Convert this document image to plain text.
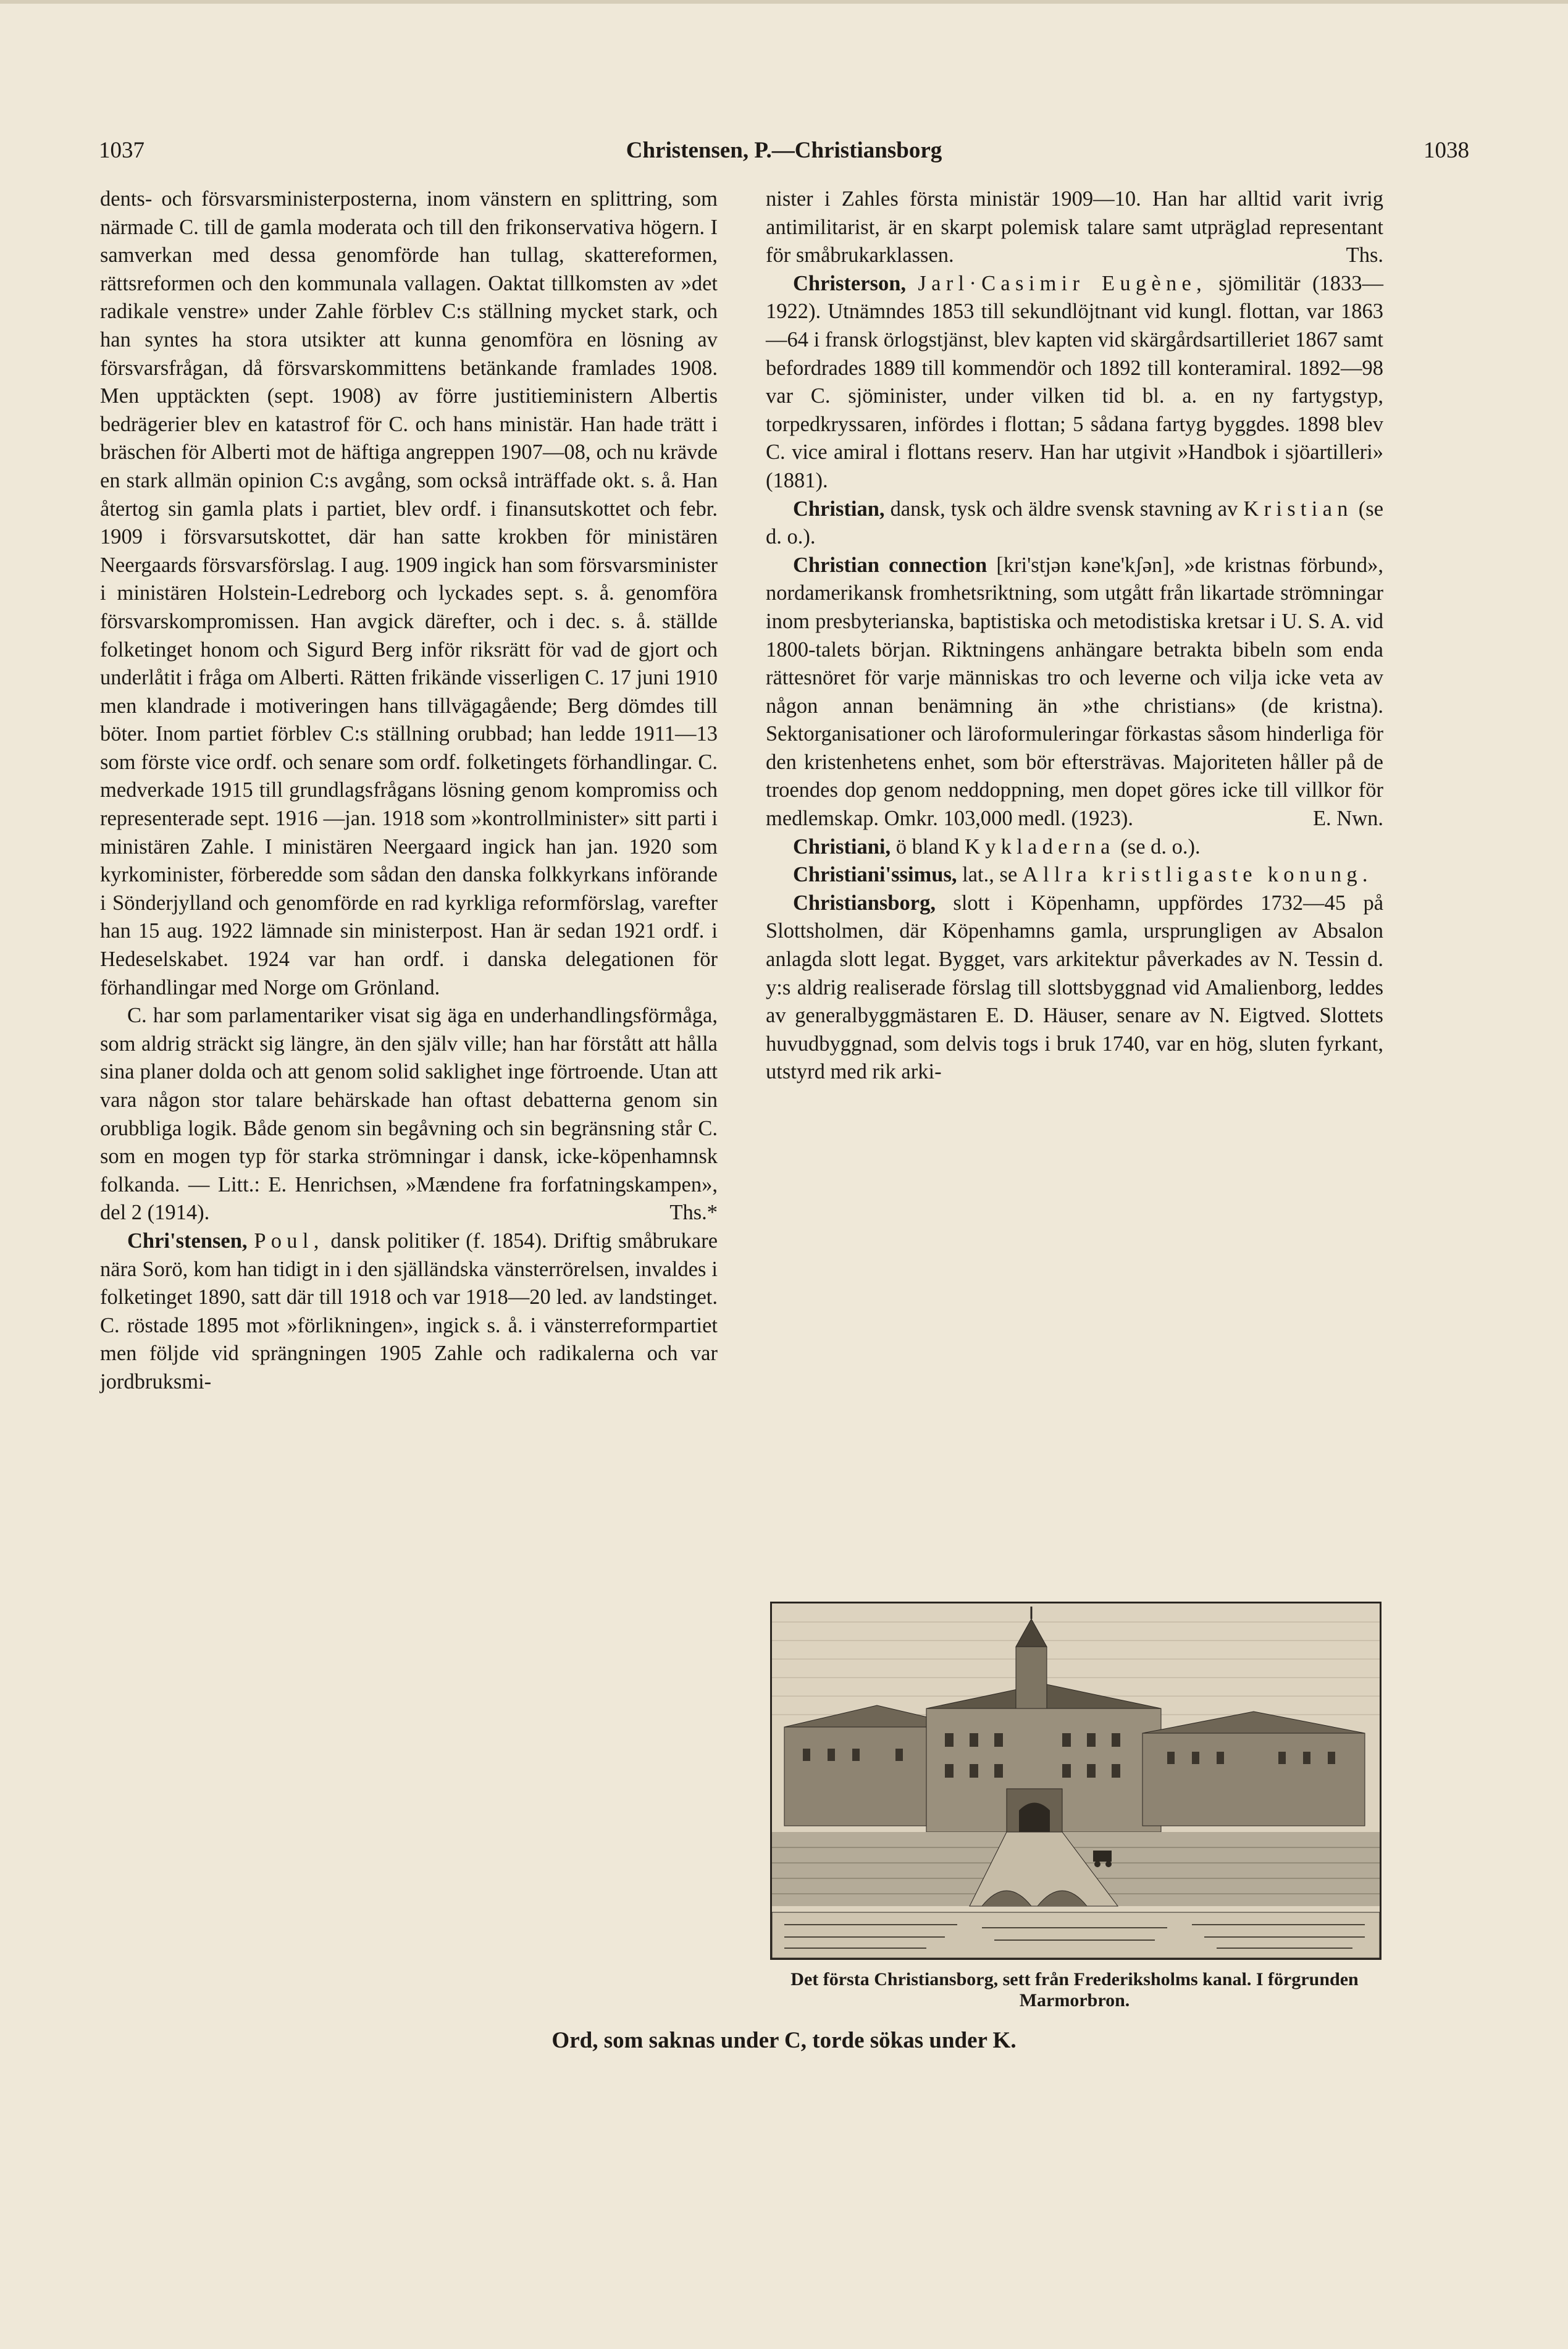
1037	Christensen, P.—Christiansborg	1038

dents- och försvarsministerposterna, inom vänstern en splittring, som närmade C. till de gamla moderata och till den frikonservativa högern. I samverkan med dessa genomförde han tullag, skattereformen, rättsreformen och den kommunala vallagen. Oaktat tillkomsten av »det radikale venstre» under Zahle förblev C:s ställning mycket stark, och han syntes ha stora utsikter att kunna genomföra en lösning av försvarsfrågan, då försvarskommittens betänkande framlades 1908. Men upptäckten (sept. 1908) av förre justitieministern Albertis bedrägerier blev en katastrof för C. och hans ministär. Han hade trätt i bräschen för Alberti mot de häftiga angreppen 1907—08, och nu krävde en stark allmän opinion C:s avgång, som också inträffade okt. s. å. Han återtog sin gamla plats i partiet, blev ordf. i finansutskottet och febr. 1909 i försvarsutskottet, där han satte krokben för ministären Neergaards försvarsförslag. I aug. 1909 ingick han som försvarsminister i ministären Holstein-Ledreborg och lyckades sept. s. å. genomföra försvarskompromissen. Han avgick därefter, och i dec. s. å. ställde folketinget honom och Sigurd Berg inför riksrätt för vad de gjort och underlåtit i fråga om Alberti. Rätten frikände visserligen C. 17 juni 1910 men klandrade i motiveringen hans tillvägagående; Berg dömdes till böter. Inom partiet förblev C:s ställning orubbad; han ledde 1911—13 som förste vice ordf. och senare som ordf. folketingets förhandlingar. C. medverkade 1915 till grundlagsfrågans lösning genom kompromiss och representerade sept. 1916 —jan. 1918 som »kontrollminister» sitt parti i ministären Zahle. I ministären Neergaard ingick han jan. 1920 som kyrkominister, förberedde som sådan den danska folkkyrkans införande i Sönderjylland och genomförde en rad kyrkliga reformförslag, varefter han 15 aug. 1922 lämnade sin ministerpost. Han är sedan 1921 ordf. i Hedeselskabet. 1924 var han ordf. i danska delegationen för förhandlingar med Norge om Grönland.

C. har som parlamentariker visat sig äga en underhandlingsförmåga, som aldrig sträckt sig längre, än den själv ville; han har förstått att hålla sina planer dolda och att genom solid saklighet inge förtroende. Utan att vara någon stor talare behärskade han oftast debatterna genom sin orubbliga logik. Både genom sin begåvning och sin begränsning står C. som en mogen typ för starka strömningar i dansk, icke-köpenhamnsk folkanda. — Litt.: E. Henrichsen, »Mændene fra forfatningskampen», del 2 (1914).	Ths.*

Chri'stensen, Poul, dansk politiker (f. 1854). Driftig småbrukare nära Sorö, kom han tidigt in i den själländska vänsterrörelsen, invaldes i folketinget 1890, satt där till 1918 och var 1918—20 led. av landstinget. C. röstade 1895 mot »förlikningen», ingick s. å. i vänsterreformpartiet men följde vid sprängningen 1905 Zahle och radikalerna och var jordbruksmi-

nister i Zahles första ministär 1909—10. Han har alltid varit ivrig antimilitarist, är en skarpt polemisk talare samt utpräglad representant för småbrukarklassen.	Ths.

Christerson, Jarl·Casimir Eugène, sjömilitär (1833—1922). Utnämndes 1853 till sekundlöjtnant vid kungl. flottan, var 1863 —64 i fransk örlogstjänst, blev kapten vid skärgårdsartilleriet 1867 samt befordrades 1889 till kommendör och 1892 till konteramiral. 1892—98 var C. sjöminister, under vilken tid bl. a. en ny fartygstyp, torpedkryssaren, infördes i flottan; 5 sådana fartyg byggdes. 1898 blev C. vice amiral i flottans reserv. Han har utgivit »Handbok i sjöartilleri» (1881).

Christian, dansk, tysk och äldre svensk stavning av Kristian (se d. o.).

Christian connection [kri'stjən kəne'kʃən], »de kristnas förbund», nordamerikansk fromhetsriktning, som utgått från likartade strömningar inom presbyterianska, baptistiska och metodistiska kretsar i U. S. A. vid 1800-talets början. Riktningens anhängare betrakta bibeln som enda rättesnöret för varje människas tro och leverne och vilja icke veta av någon annan benämning än »the christians» (de kristna). Sektorganisationer och läroformuleringar förkastas såsom hinderliga för den kristenhetens enhet, som bör eftersträvas. Majoriteten håller på de troendes dop genom neddoppning, men dopet göres icke till villkor för medlemskap. Omkr. 103,000 medl. (1923).	E. Nwn.

Christiani, ö bland Kykladerna (se d. o.).

Christiani'ssimus, lat., se Allra kristligaste konung.

Christiansborg, slott i Köpenhamn, uppfördes 1732—45 på Slottsholmen, där Köpenhamns gamla, ursprungligen av Absalon anlagda slott legat. Bygget, vars arkitektur påverkades av N. Tessin d. y:s aldrig realiserade förslag till slottsbyggnad vid Amalienborg, leddes av generalbyggmästaren E. D. Häuser, senare av N. Eigtved. Slottets huvudbyggnad, som delvis togs i bruk 1740, var en hög, sluten fyrkant, utstyrd med rik arki-

Det första Christiansborg, sett från Frederiksholms kanal. I förgrunden Marmorbron.
Ord, som saknas under C, torde sökas under K.
